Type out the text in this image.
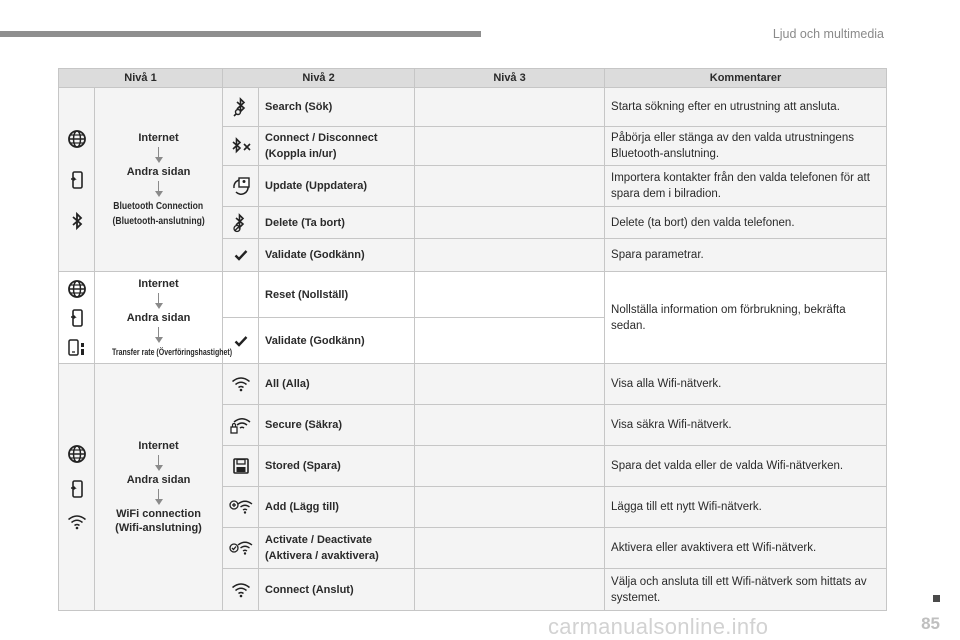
Ljud och multimedia
Nivå 1		Nivå 2		Nivå 3	Kommentarer

Internet
Andra sidan
Bluetooth Connection
(Bluetooth-anslutning)		Search (Sök)		Starta sökning efter en utrustning att ansluta.
	Connect / Disconnect (Koppla in/ur)		Påbörja eller stänga av den valda utrustningens Bluetooth-anslutning.
	Update (Uppdatera)		Importera kontakter från den valda telefonen för att spara dem i bilradion.
	Delete (Ta bort)		Delete (ta bort) den valda telefonen.
	Validate (Godkänn)		Spara parametrar.

Internet
Andra sidan
Transfer rate (Överföringshastighet)		Reset (Nollställ)		Nollställa information om förbrukning, bekräfta sedan.
	Validate (Godkänn)		

Internet
Andra sidan
WiFi connection
(Wifi-anslutning)		All (Alla)		Visa alla Wifi-nätverk.
	Secure (Säkra)		Visa säkra Wifi-nätverk.
	Stored (Spara)		Spara det valda eller de valda Wifi-nätverken.
	Add (Lägg till)		Lägga till ett nytt Wifi-nätverk.
	Activate / Deactivate (Aktivera / avaktivera)		Aktivera eller avaktivera ett Wifi-nätverk.
	Connect (Anslut)		Välja och ansluta till ett Wifi-nätverk som hittats av systemet.
carmanualsonline.info	85
